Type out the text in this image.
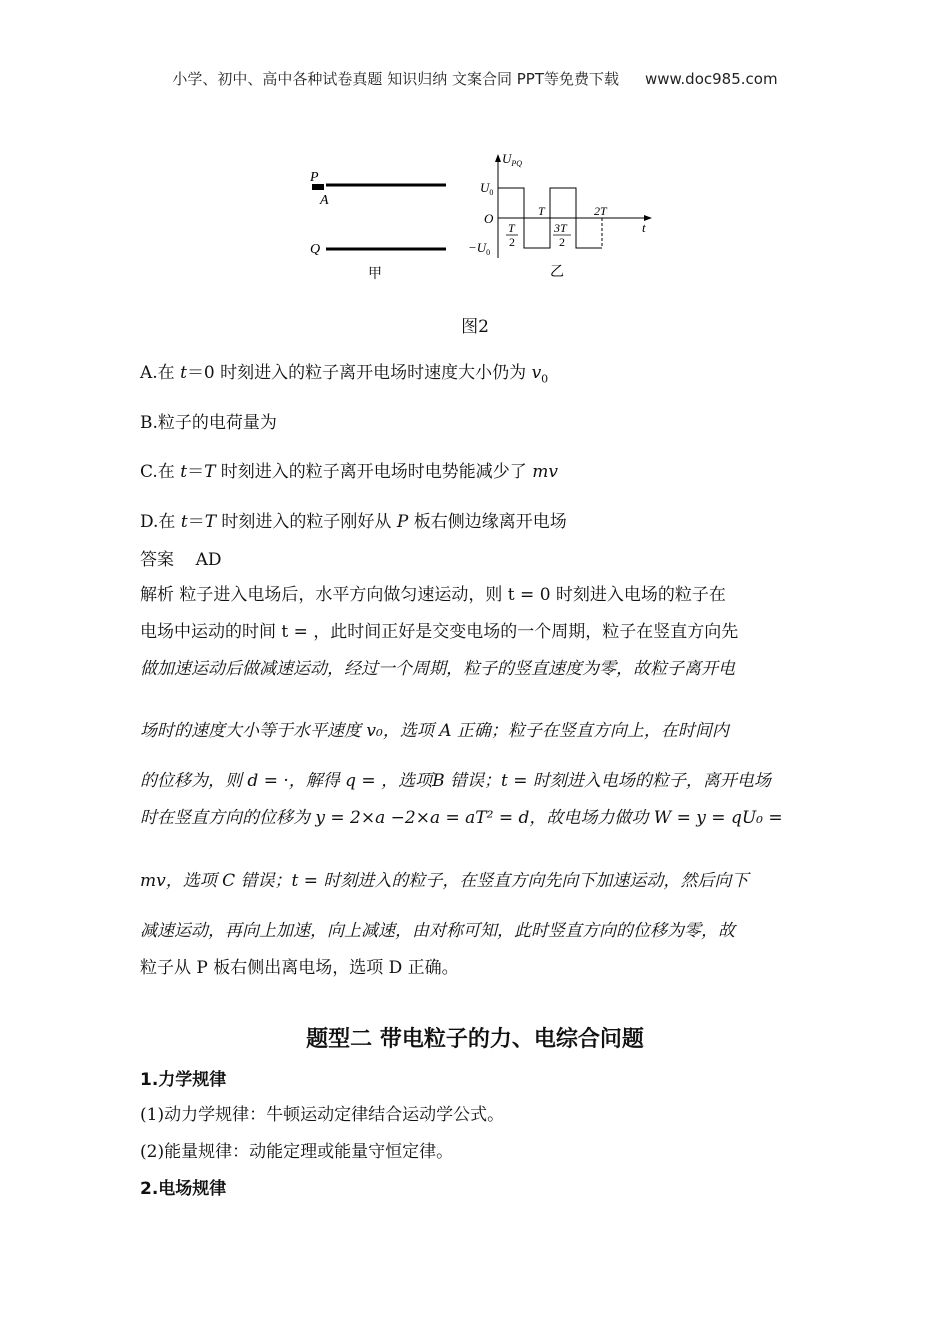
小学、初中、高中各种试卷真题 知识归纳 文案合同 PPT等免费下载 www.doc985.com
P
A
Q
甲
$U_{PQ}$
$U_0$
O
$-U_0$
t
T
2
T
3T
2
2T
乙
图2
A.在 t＝0 时刻进入的粒子离开电场时速度大小仍为 $v_0$
B.粒子的电荷量为
C.在 t＝T 时刻进入的粒子离开电场时电势能减少了 mv
D.在 t＝T 时刻进入的粒子刚好从 P 板右侧边缘离开电场
答案 AD
解析 粒子进入电场后，水平方向做匀速运动，则 t = 0 时刻进入电场的粒子在
电场中运动的时间 t = ，此时间正好是交变电场的一个周期，粒子在竖直方向先
做加速运动后做减速运动，经过一个周期，粒子的竖直速度为零，故粒子离开电
场时的速度大小等于水平速度 v₀，选项 A 正确；粒子在竖直方向上，在时间内
的位移为，则 d = ·，解得 q = ，选项B 错误；t = 时刻进入电场的粒子，离开电场
时在竖直方向的位移为 y = 2×a −2×a = aT² = d，故电场力做功 W = y = qU₀ =
mv，选项 C 错误；t = 时刻进入的粒子，在竖直方向先向下加速运动，然后向下
减速运动，再向上加速，向上减速，由对称可知，此时竖直方向的位移为零，故
粒子从 P 板右侧出离电场，选项 D 正确。
题型二 带电粒子的力、电综合问题
1.力学规律
(1)动力学规律：牛顿运动定律结合运动学公式。
(2)能量规律：动能定理或能量守恒定律。
2.电场规律
